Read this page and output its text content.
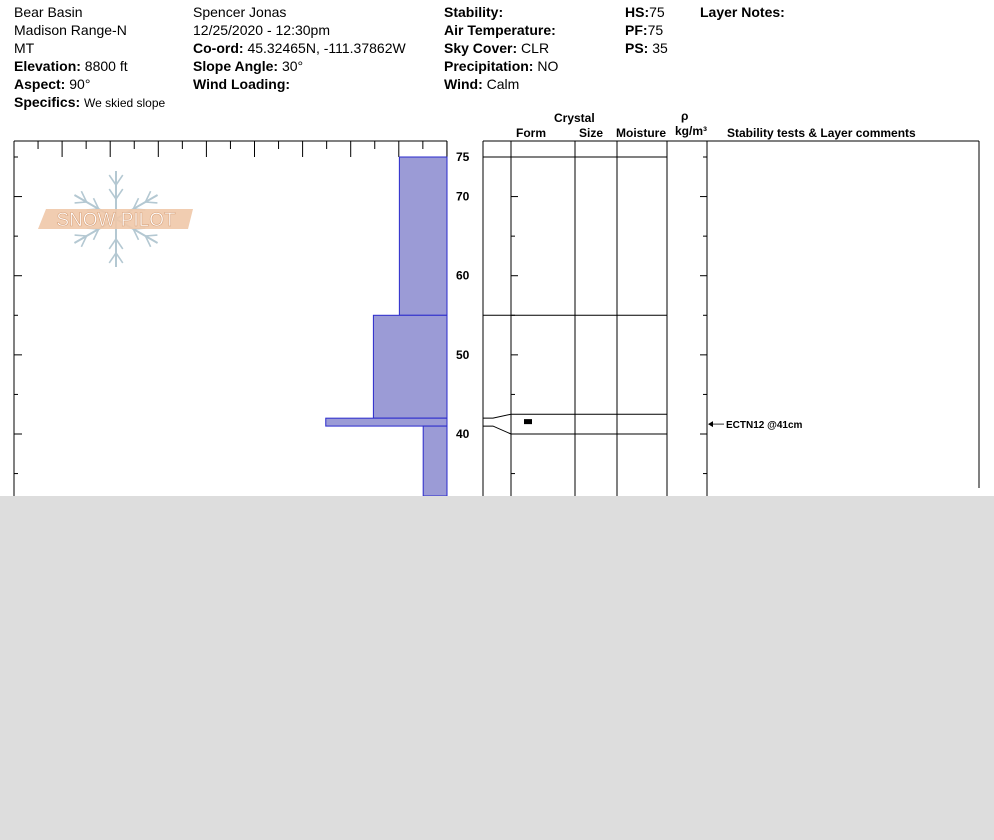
40
50
60
70
75
Crystal
Form	Size Moisture
ρ
kg/m³ Stability tests & Layer comments
ECTN12 @41cm
SNOW PILOT
Bear Basin
Madison Range-N
MT
Elevation: 8800 ft
Aspect: 90°
Specifics: We skied slope
Spencer Jonas
12/25/2020 - 12:30pm
Co-ord: 45.32465N, -111.37862W
Slope Angle: 30°
Wind Loading:
Stability:
Air Temperature:
Sky Cover: CLR
Precipitation: NO
Wind: Calm
HS:75
PF:75
PS: 35
Layer Notes:
